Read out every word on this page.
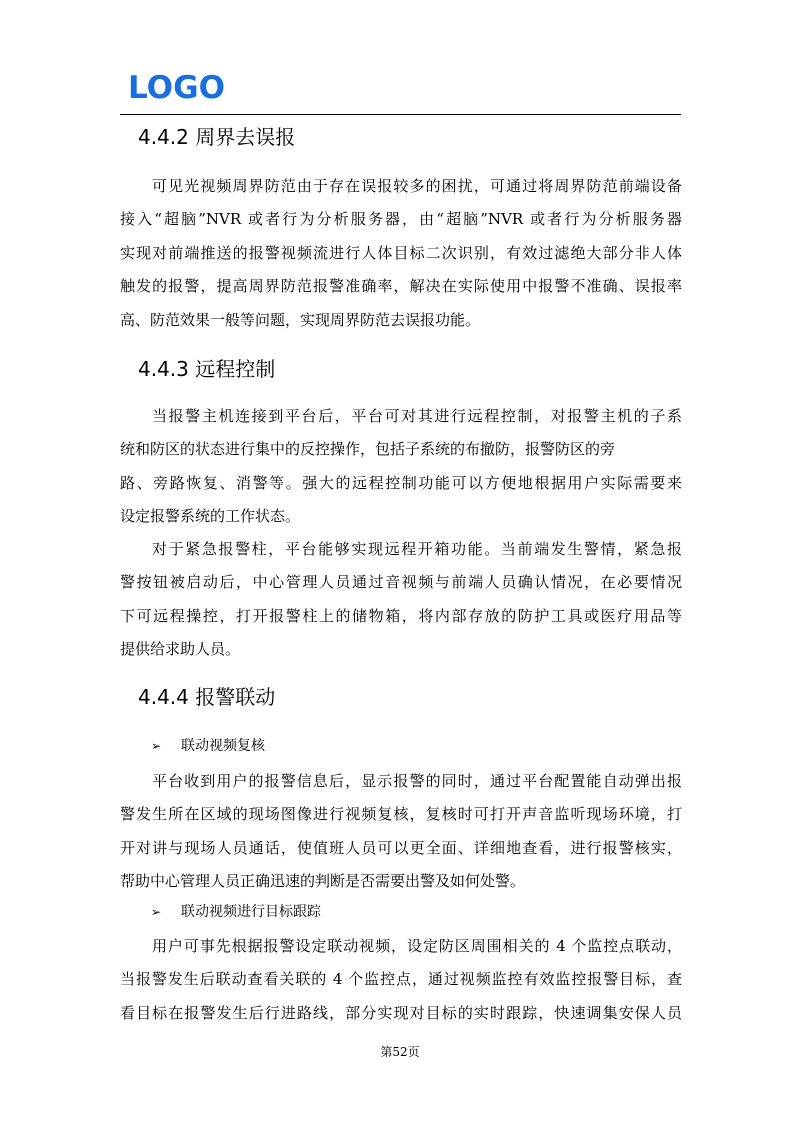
LOGO
4.4.2 周界去误报
可见光视频周界防范由于存在误报较多的困扰，可通过将周界防范前端设备
接入“超脑”NVR 或者行为分析服务器，由“超脑”NVR 或者行为分析服务器
实现对前端推送的报警视频流进行人体目标二次识别，有效过滤绝大部分非人体
触发的报警，提高周界防范报警准确率，解决在实际使用中报警不准确、误报率
高、防范效果一般等问题，实现周界防范去误报功能。
4.4.3 远程控制
当报警主机连接到平台后，平台可对其进行远程控制，对报警主机的子系
统和防区的状态进行集中的反控操作，包括子系统的布撤防，报警防区的旁
路、旁路恢复、消警等。强大的远程控制功能可以方便地根据用户实际需要来
设定报警系统的工作状态。
对于紧急报警柱，平台能够实现远程开箱功能。当前端发生警情，紧急报
警按钮被启动后，中心管理人员通过音视频与前端人员确认情况，在必要情况
下可远程操控，打开报警柱上的储物箱，将内部存放的防护工具或医疗用品等
提供给求助人员。
4.4.4 报警联动
➢ 联动视频复核
平台收到用户的报警信息后，显示报警的同时，通过平台配置能自动弹出报
警发生所在区域的现场图像进行视频复核，复核时可打开声音监听现场环境，打
开对讲与现场人员通话，使值班人员可以更全面、详细地查看，进行报警核实，
帮助中心管理人员正确迅速的判断是否需要出警及如何处警。
➢ 联动视频进行目标跟踪
用户可事先根据报警设定联动视频，设定防区周围相关的 4 个监控点联动，
当报警发生后联动查看关联的 4 个监控点，通过视频监控有效监控报警目标，查
看目标在报警发生后行进路线，部分实现对目标的实时跟踪，快速调集安保人员
第52页
